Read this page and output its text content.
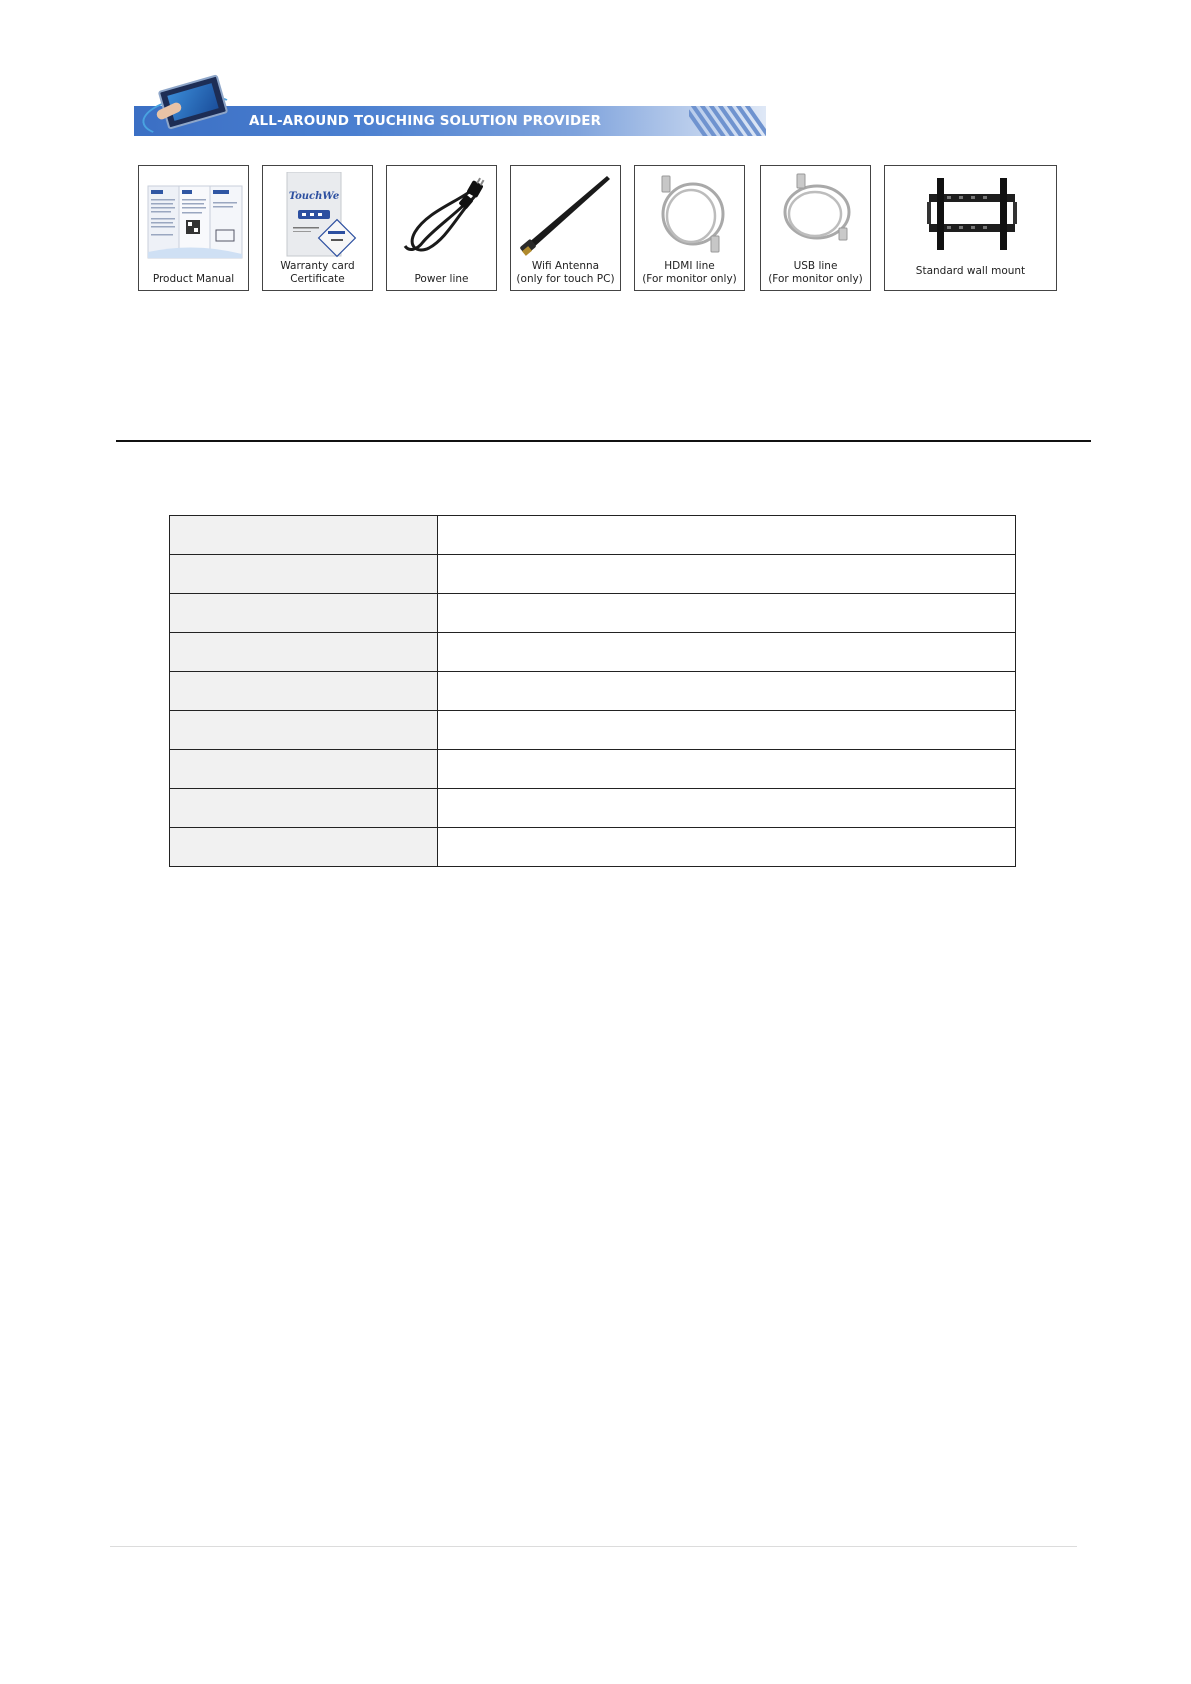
ALL-AROUND TOUCHING SOLUTION PROVIDER
Product Manual
TouchWe
Warranty card
Certificate	Power line
Wifi Antenna
(only for touch PC)
HDMI line
(For monitor only)
USB line
(For monitor only)
Standard wall mount
